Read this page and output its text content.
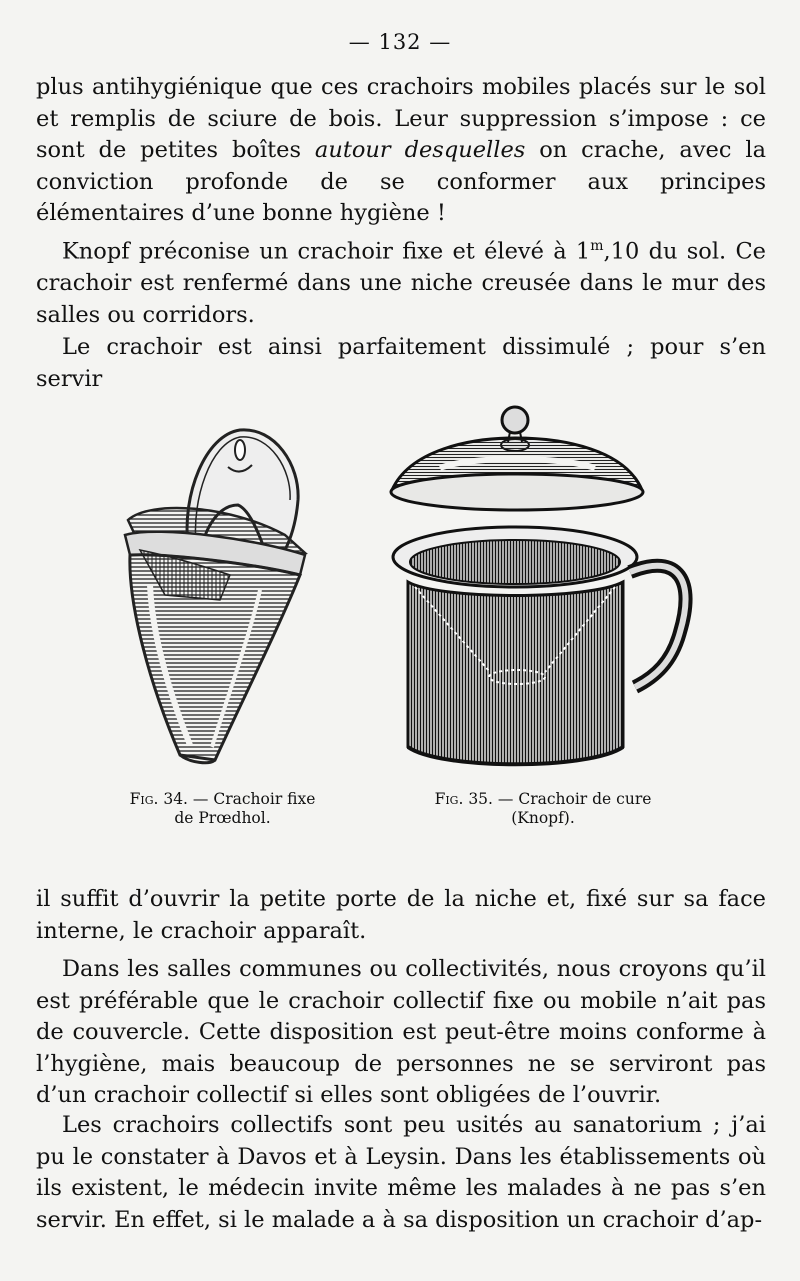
— 132 —

plus antihygiénique que ces crachoirs mobiles placés sur le sol et remplis de sciure de bois. Leur suppression s’impose : ce sont de petites boîtes autour desquelles on crache, avec la conviction profonde de se conformer aux principes élémentaires d’une bonne hygiène !

Knopf préconise un crachoir fixe et élevé à 1$^m$,10 du sol. Ce crachoir est renfermé dans une niche creusée dans le mur des salles ou corridors.

Le crachoir est ainsi parfaitement dissimulé ; pour s’en servir

Fig. 34. — Crachoir fixe
de Prœdhol.
Fig. 35. — Crachoir de cure
(Knopf).

il suffit d’ouvrir la petite porte de la niche et, fixé sur sa face interne, le crachoir apparaît.

Dans les salles communes ou collectivités, nous croyons qu’il est préférable que le crachoir collectif fixe ou mobile n’ait pas de couvercle. Cette disposition est peut-être moins conforme à l’hygiène, mais beaucoup de personnes ne se serviront pas d’un crachoir collectif si elles sont obligées de l’ouvrir.

Les crachoirs collectifs sont peu usités au sanatorium ; j’ai pu le constater à Davos et à Leysin. Dans les établissements où ils existent, le médecin invite même les malades à ne pas s’en servir. En effet, si le malade a à sa disposition un crachoir d’ap-
